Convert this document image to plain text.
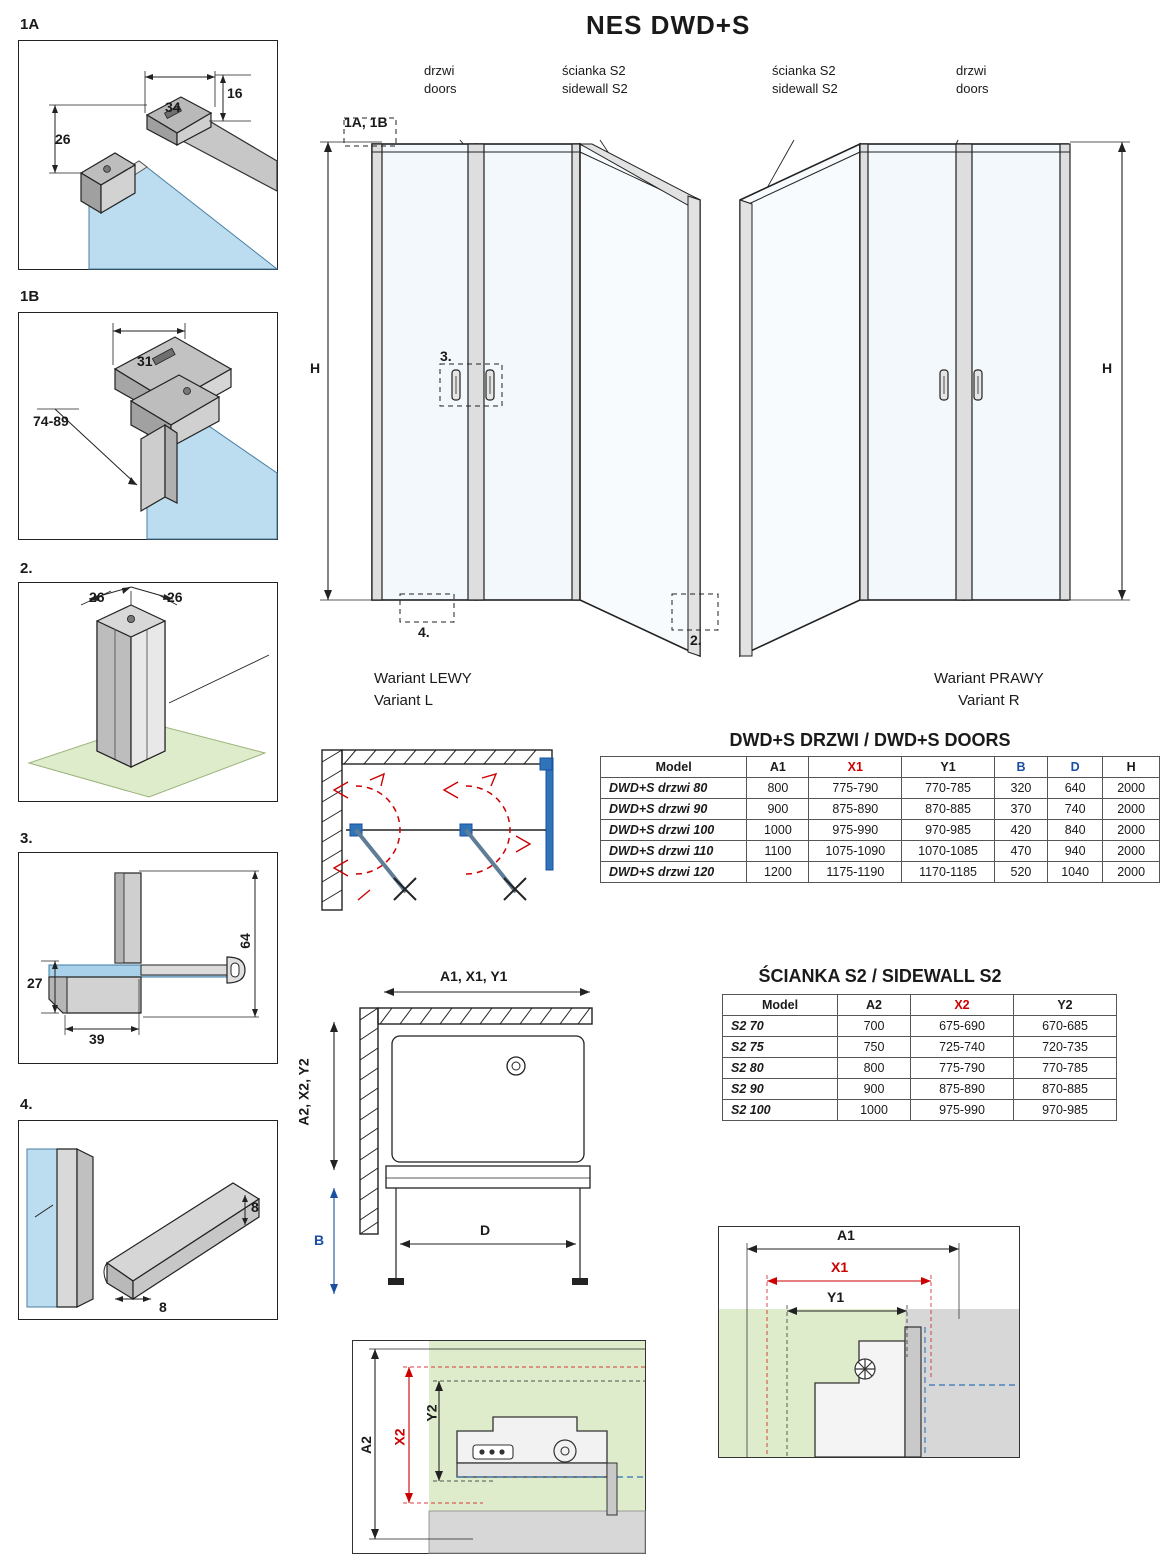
NES DWD+S
1A
34
16
26
1B
31
74-89
2.
26	26
3.
27
39
64
4.
8
8
drzwi
doors
ścianka S2
sidewall S2
ścianka S2
sidewall S2
drzwi
doors
1A, 1B
3.
4.	2.
H
Wariant LEWY
Variant L
H
Wariant PRAWY
Variant R
DWD+S DRZWI / DWD+S DOORS
Model	A1	X1	Y1	B	D	H
DWD+S drzwi 80	800	775-790	770-785	320	640	2000
DWD+S drzwi 90	900	875-890	870-885	370	740	2000
DWD+S drzwi 100	1000	975-990	970-985	420	840	2000
DWD+S drzwi 110	1100	1075-1090	1070-1085	470	940	2000
DWD+S drzwi 120	1200	1175-1190	1170-1185	520	1040	2000
ŚCIANKA S2 / SIDEWALL S2
Model	A2	X2	Y2
S2 70	700	675-690	670-685
S2 75	750	725-740	720-735
S2 80	800	775-790	770-785
S2 90	900	875-890	870-885
S2 100	1000	975-990	970-985
A1, X1, Y1
A2, X2, Y2
B
D
A2 X2
Y2
A1
X1
Y1
